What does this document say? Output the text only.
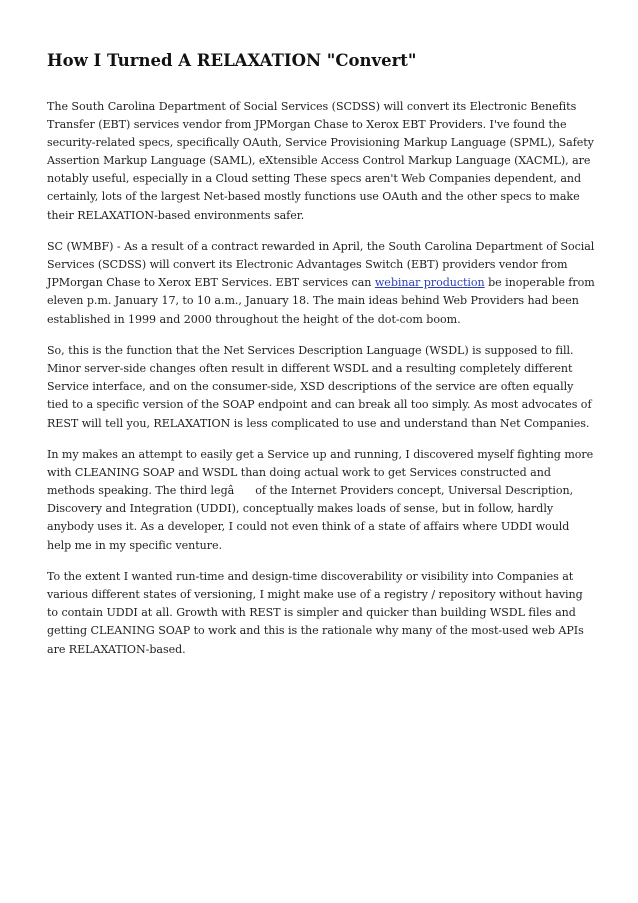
How I Turned A RELAXATION "Convert"

The South Carolina Department of Social Services (SCDSS) will convert its Electronic Benefits Transfer (EBT) services vendor from JPMorgan Chase to Xerox EBT Providers. I've found the security-related specs, specifically OAuth, Service Provisioning Markup Language (SPML), Safety Assertion Markup Language (SAML), eXtensible Access Control Markup Language (XACML), are notably useful, especially in a Cloud setting These specs aren't Web Companies dependent, and certainly, lots of the largest Net-based mostly functions use OAuth and the other specs to make their RELAXATION-based environments safer.

SC (WMBF) - As a result of a contract rewarded in April, the South Carolina Department of Social Services (SCDSS) will convert its Electronic Advantages Switch (EBT) providers vendor from JPMorgan Chase to Xerox EBT Services. EBT services can webinar production be inoperable from eleven p.m. January 17, to 10 a.m., January 18. The main ideas behind Web Providers had been established in 1999 and 2000 throughout the height of the dot-com boom.

So, this is the function that the Net Services Description Language (WSDL) is supposed to fill. Minor server-side changes often result in different WSDL and a resulting completely different Service interface, and on the consumer-side, XSD descriptions of the service are often equally tied to a specific version of the SOAP endpoint and can break all too simply. As most advocates of REST will tell you, RELAXATION is less complicated to use and understand than Net Companies.

In my makes an attempt to easily get a Service up and running, I discovered myself fighting more with CLEANING SOAP and WSDL than doing actual work to get Services constructed and methods speaking. The third legâ of the Internet Providers concept, Universal Description, Discovery and Integration (UDDI), conceptually makes loads of sense, but in follow, hardly anybody uses it. As a developer, I could not even think of a state of affairs where UDDI would help me in my specific venture.

To the extent I wanted run-time and design-time discoverability or visibility into Companies at various different states of versioning, I might make use of a registry / repository without having to contain UDDI at all. Growth with REST is simpler and quicker than building WSDL files and getting CLEANING SOAP to work and this is the rationale why many of the most-used web APIs are RELAXATION-based.
